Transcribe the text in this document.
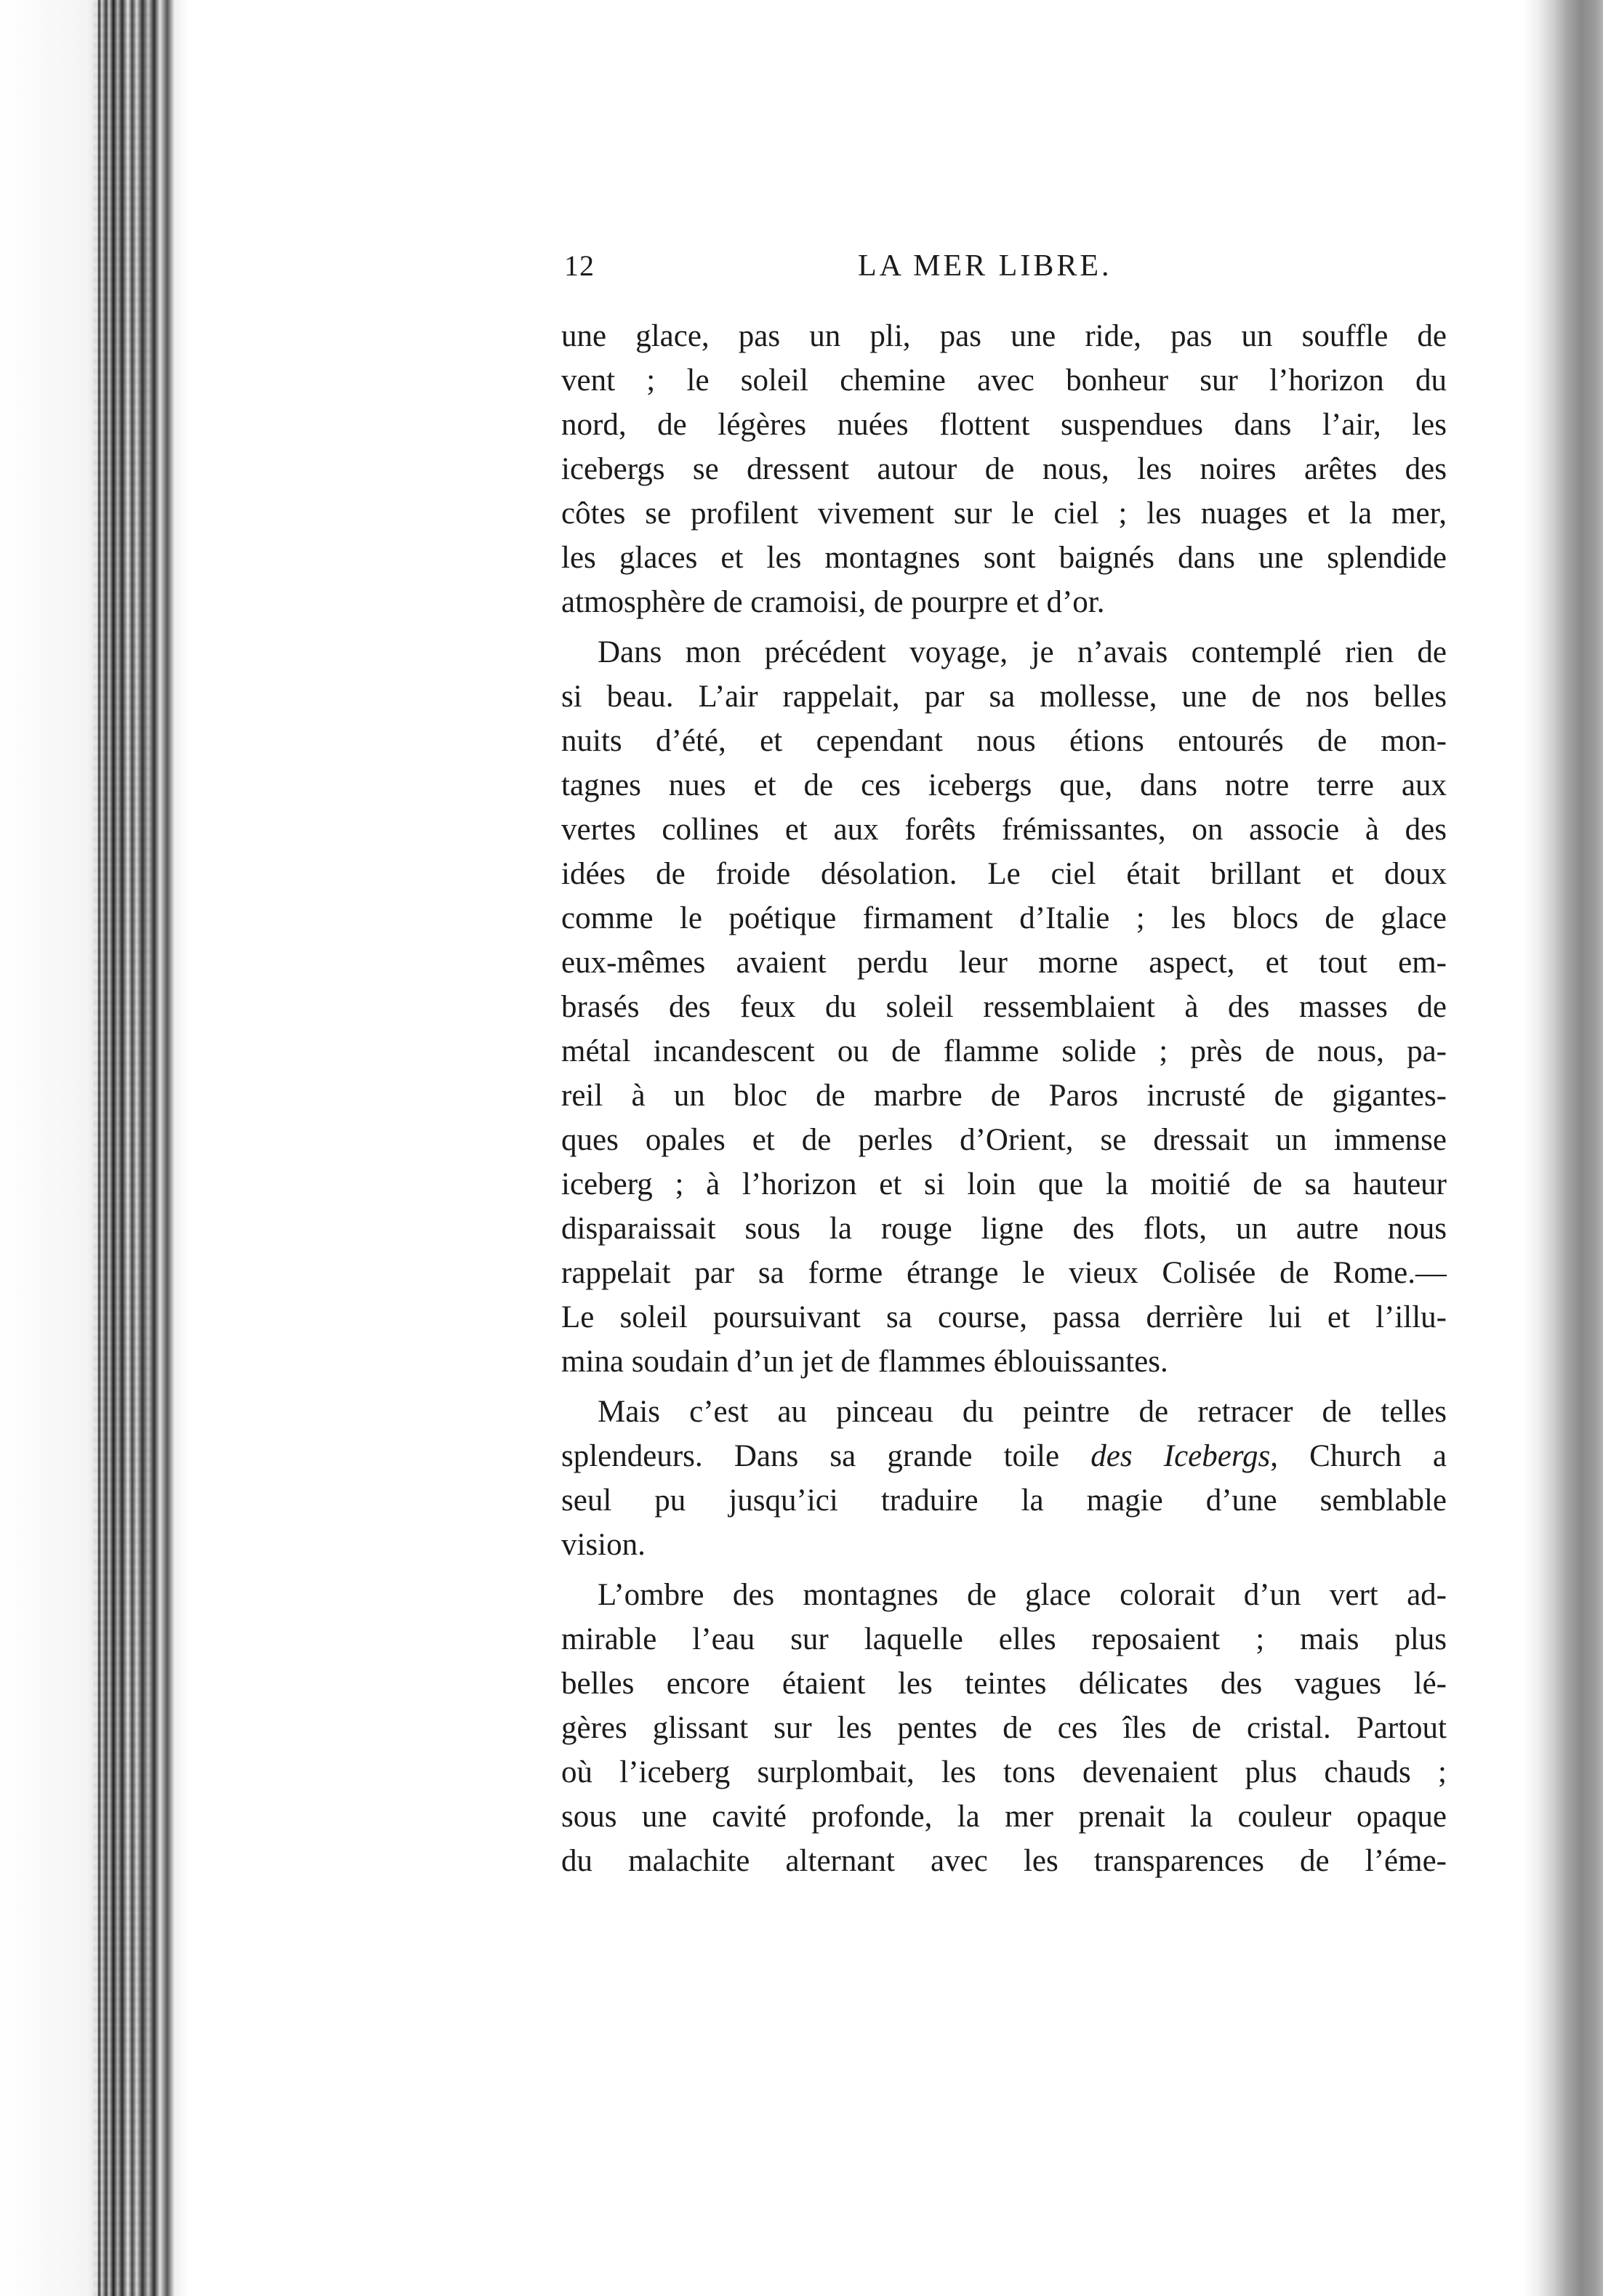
12	LA MER LIBRE.
une glace, pas un pli, pas une ride, pas un souffle de
vent ; le soleil chemine avec bonheur sur l’horizon du
nord, de légères nuées flottent suspendues dans l’air, les
icebergs se dressent autour de nous, les noires arêtes des
côtes se profilent vivement sur le ciel ; les nuages et la mer,
les glaces et les montagnes sont baignés dans une splendide
atmosphère de cramoisi, de pourpre et d’or.
Dans mon précédent voyage, je n’avais contemplé rien de
si beau. L’air rappelait, par sa mollesse, une de nos belles
nuits d’été, et cependant nous étions entourés de mon-
tagnes nues et de ces icebergs que, dans notre terre aux
vertes collines et aux forêts frémissantes, on associe à des
idées de froide désolation. Le ciel était brillant et doux
comme le poétique firmament d’Italie ; les blocs de glace
eux-mêmes avaient perdu leur morne aspect, et tout em-
brasés des feux du soleil ressemblaient à des masses de
métal incandescent ou de flamme solide ; près de nous, pa-
reil à un bloc de marbre de Paros incrusté de gigantes-
ques opales et de perles d’Orient, se dressait un immense
iceberg ; à l’horizon et si loin que la moitié de sa hauteur
disparaissait sous la rouge ligne des flots, un autre nous
rappelait par sa forme étrange le vieux Colisée de Rome.—
Le soleil poursuivant sa course, passa derrière lui et l’illu-
mina soudain d’un jet de flammes éblouissantes.
Mais c’est au pinceau du peintre de retracer de telles
splendeurs. Dans sa grande toile des Icebergs, Church a
seul pu jusqu’ici traduire la magie d’une semblable
vision.
L’ombre des montagnes de glace colorait d’un vert ad-
mirable l’eau sur laquelle elles reposaient ; mais plus
belles encore étaient les teintes délicates des vagues lé-
gères glissant sur les pentes de ces îles de cristal. Partout
où l’iceberg surplombait, les tons devenaient plus chauds ;
sous une cavité profonde, la mer prenait la couleur opaque
du malachite alternant avec les transparences de l’éme-
